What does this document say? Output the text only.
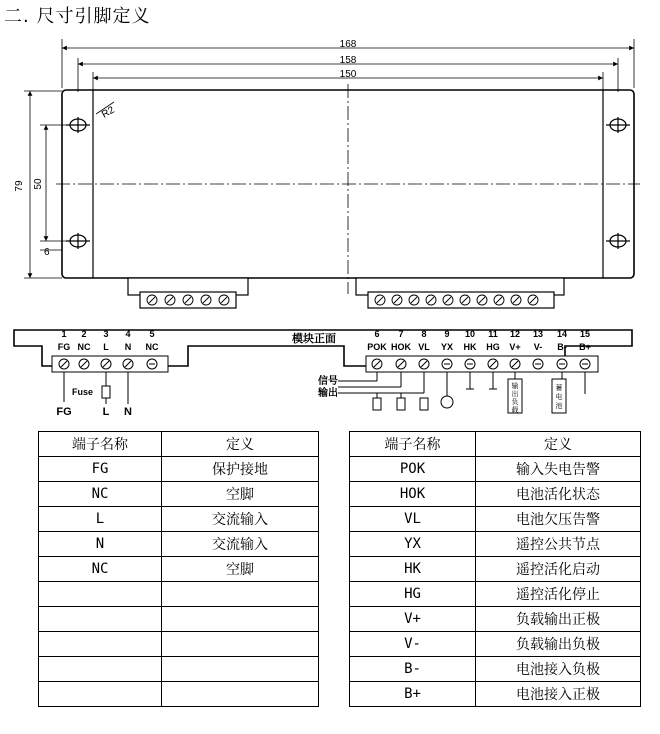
二. 尺寸引脚定义
168
158
150
79 50
6
R2
模块正面
1 2 3 4 5
FG NC L N NC
6 7 8 9 10 11 12 13 14 15
POK HOK VL YX HK HG V+ V- B- B+
Fuse
FG	L N
信号
输出
输
出
负
载
蓄
电
池
端子名称	定义
FG	保护接地
NC	空脚
L	交流输入
N	交流输入
NC	空脚

端子名称	定义
POK	输入失电告警
HOK	电池活化状态
VL	电池欠压告警
YX	遥控公共节点
HK	遥控活化启动
HG	遥控活化停止
V+	负载输出正极
V-	负载输出负极
B-	电池接入负极
B+	电池接入正极
